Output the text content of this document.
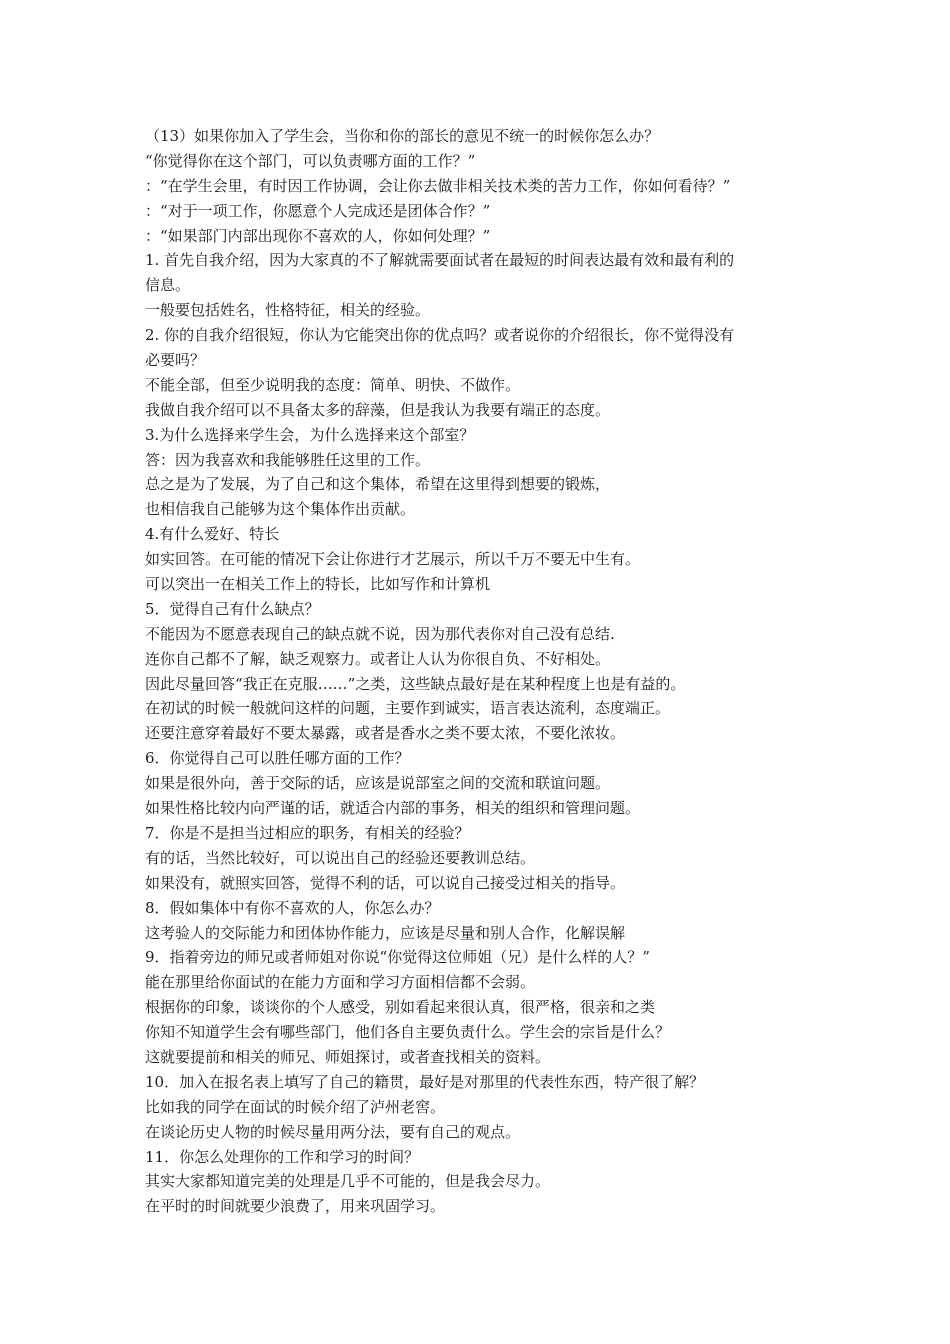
（13）如果你加入了学生会，当你和你的部长的意见不统一的时候你怎么办？
“你觉得你在这个部门，可以负责哪方面的工作？”
：“在学生会里，有时因工作协调，会让你去做非相关技术类的苦力工作，你如何看待？”
：“对于一项工作，你愿意个人完成还是团体合作？”
：“如果部门内部出现你不喜欢的人，你如何处理？”
1. 首先自我介绍，因为大家真的不了解就需要面试者在最短的时间表达最有效和最有利的
信息。
一般要包括姓名，性格特征，相关的经验。
2. 你的自我介绍很短，你认为它能突出你的优点吗？或者说你的介绍很长，你不觉得没有
必要吗？
不能全部，但至少说明我的态度：简单、明快、不做作。
我做自我介绍可以不具备太多的辞藻，但是我认为我要有端正的态度。
3.为什么选择来学生会，为什么选择来这个部室？
答：因为我喜欢和我能够胜任这里的工作。
总之是为了发展，为了自己和这个集体，希望在这里得到想要的锻炼，
也相信我自己能够为这个集体作出贡献。
4.有什么爱好、特长
如实回答。在可能的情况下会让你进行才艺展示，所以千万不要无中生有。
可以突出一在相关工作上的特长，比如写作和计算机
5．觉得自己有什么缺点？
不能因为不愿意表现自己的缺点就不说，因为那代表你对自己没有总结.
连你自己都不了解，缺乏观察力。或者让人认为你很自负、不好相处。
因此尽量回答“我正在克服……”之类，这些缺点最好是在某种程度上也是有益的。
在初试的时候一般就问这样的问题，主要作到诚实，语言表达流利，态度端正。
还要注意穿着最好不要太暴露，或者是香水之类不要太浓，不要化浓妆。
6．你觉得自己可以胜任哪方面的工作？
如果是很外向，善于交际的话，应该是说部室之间的交流和联谊问题。
如果性格比较内向严谨的话，就适合内部的事务，相关的组织和管理问题。
7．你是不是担当过相应的职务，有相关的经验？
有的话，当然比较好，可以说出自己的经验还要教训总结。
如果没有，就照实回答，觉得不利的话，可以说自己接受过相关的指导。
8．假如集体中有你不喜欢的人，你怎么办？
这考验人的交际能力和团体协作能力，应该是尽量和别人合作，化解误解
9．指着旁边的师兄或者师姐对你说“你觉得这位师姐（兄）是什么样的人？”
能在那里给你面试的在能力方面和学习方面相信都不会弱。
根据你的印象，谈谈你的个人感受，别如看起来很认真，很严格，很亲和之类
你知不知道学生会有哪些部门，他们各自主要负责什么。学生会的宗旨是什么？
这就要提前和相关的师兄、师姐探讨，或者查找相关的资料。
10．加入在报名表上填写了自己的籍贯，最好是对那里的代表性东西，特产很了解？
比如我的同学在面试的时候介绍了泸州老窖。
在谈论历史人物的时候尽量用两分法，要有自己的观点。
11．你怎么处理你的工作和学习的时间？
其实大家都知道完美的处理是几乎不可能的，但是我会尽力。
在平时的时间就要少浪费了，用来巩固学习。
